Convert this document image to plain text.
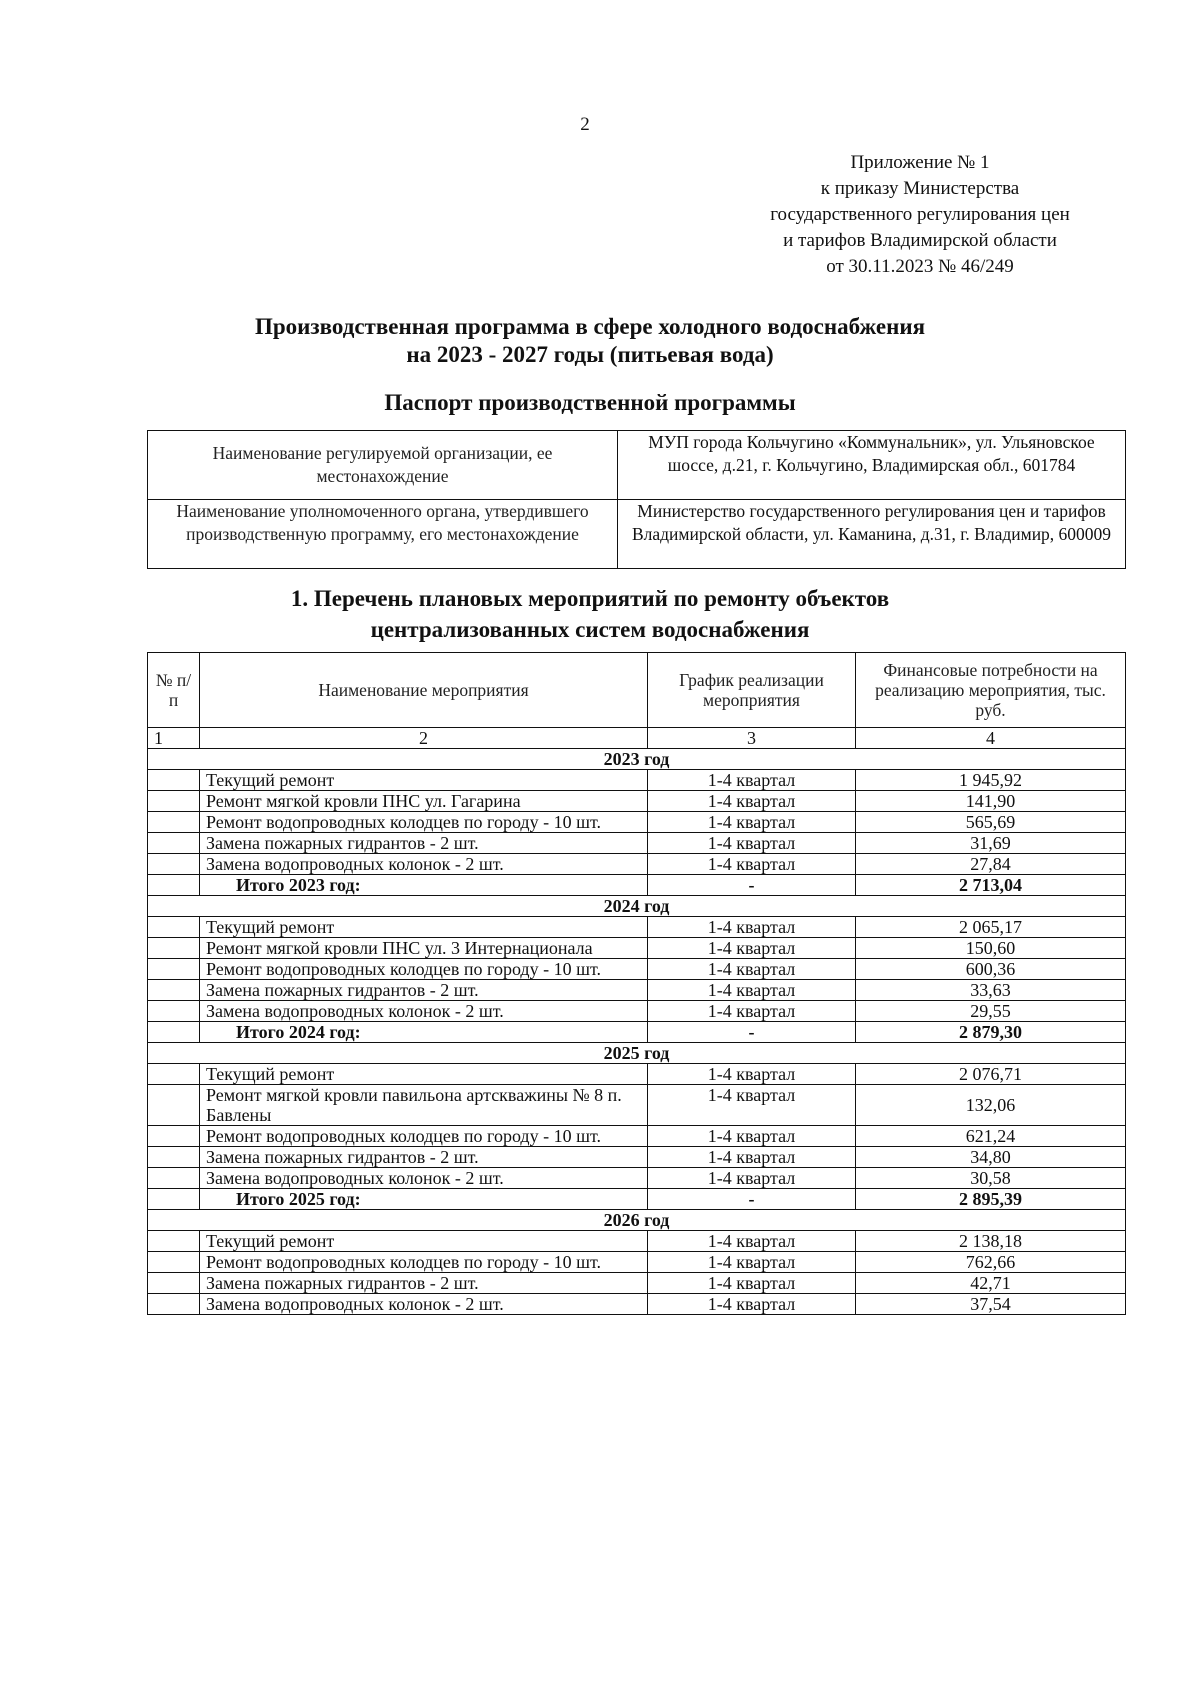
2
Приложение № 1
к приказу Министерства
государственного регулирования цен
и тарифов Владимирской области
от 30.11.2023 № 46/249
Производственная программа в сфере холодного водоснабжения
на 2023 - 2027 годы (питьевая вода)
Паспорт производственной программы
Наименование регулируемой организации, ее местонахождение	МУП города Кольчугино «Коммунальник», ул. Ульяновское шоссе, д.21, г. Кольчугино, Владимирская обл., 601784
Наименование уполномоченного органа, утвердившего производственную программу, его местонахождение	Министерство государственного регулирования цен и тарифов Владимирской области, ул. Каманина, д.31, г. Владимир, 600009
1. Перечень плановых мероприятий по ремонту объектов
централизованных систем водоснабжения
№ п/п	Наименование мероприятия	График реализации мероприятия	Финансовые потребности на реализацию мероприятия, тыс. руб.
1	2	3	4
2023 год			
	Текущий ремонт	1-4 квартал	1 945,92
	Ремонт мягкой кровли ПНС ул. Гагарина	1-4 квартал	141,90
	Ремонт водопроводных колодцев по городу - 10 шт.	1-4 квартал	565,69
	Замена пожарных гидрантов - 2 шт.	1-4 квартал	31,69
	Замена водопроводных колонок - 2 шт.	1-4 квартал	27,84
	Итого 2023 год:	-	2 713,04
2024 год			
	Текущий ремонт	1-4 квартал	2 065,17
	Ремонт мягкой кровли ПНС ул. 3 Интернационала	1-4 квартал	150,60
	Ремонт водопроводных колодцев по городу - 10 шт.	1-4 квартал	600,36
	Замена пожарных гидрантов - 2 шт.	1-4 квартал	33,63
	Замена водопроводных колонок - 2 шт.	1-4 квартал	29,55
	Итого 2024 год:	-	2 879,30
2025 год			
	Текущий ремонт	1-4 квартал	2 076,71
	Ремонт мягкой кровли павильона артскважины № 8 п. Бавлены	1-4 квартал	132,06
	Ремонт водопроводных колодцев по городу - 10 шт.	1-4 квартал	621,24
	Замена пожарных гидрантов - 2 шт.	1-4 квартал	34,80
	Замена водопроводных колонок - 2 шт.	1-4 квартал	30,58
	Итого 2025 год:	-	2 895,39
2026 год			
	Текущий ремонт	1-4 квартал	2 138,18
	Ремонт водопроводных колодцев по городу - 10 шт.	1-4 квартал	762,66
	Замена пожарных гидрантов - 2 шт.	1-4 квартал	42,71
	Замена водопроводных колонок - 2 шт.	1-4 квартал	37,54
